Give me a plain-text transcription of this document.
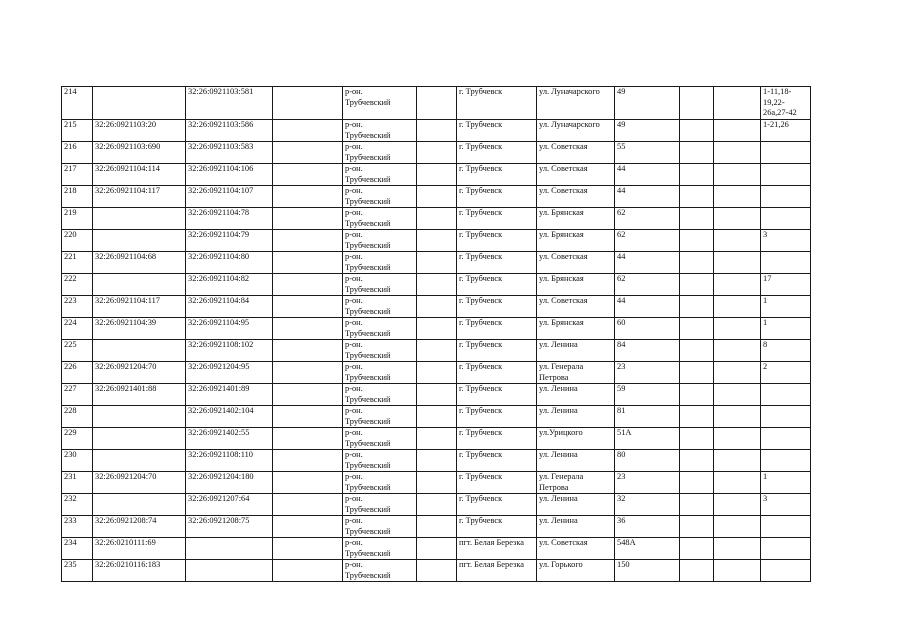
214		32:26:0921103:581		р-он.
Трубчевский		г. Трубчевск	ул. Луначарского	49			1-11,18-
19,22-
26а,27-42
215	32:26:0921103:20	32:26:0921103:586		р-он.
Трубчевский		г. Трубчевск	ул. Луначарского	49			1-21,26
216	32:26:0921103:690	32:26:0921103:583		р-он.
Трубчевский		г. Трубчевск	ул. Советская	55			
217	32:26:0921104:114	32:26:0921104:106		р-он.
Трубчевский		г. Трубчевск	ул. Советская	44			
218	32:26:0921104:117	32:26:0921104:107		р-он.
Трубчевский		г. Трубчевск	ул. Советская	44			
219		32:26:0921104:78		р-он.
Трубчевский		г. Трубчевск	ул. Брянская	62			
220		32:26:0921104:79		р-он.
Трубчевский		г. Трубчевск	ул. Брянская	62			3
221	32:26:0921104:68	32:26:0921104:80		р-он.
Трубчевский		г. Трубчевск	ул. Советская	44			
222		32:26:0921104:82		р-он.
Трубчевский		г. Трубчевск	ул. Брянская	62			17
223	32:26:0921104:117	32:26:0921104:84		р-он.
Трубчевский		г. Трубчевск	ул. Советская	44			1
224	32:26:0921104:39	32:26:0921104:95		р-он.
Трубчевский		г. Трубчевск	ул. Брянская	60			1
225		32:26:0921108:102		р-он.
Трубчевский		г. Трубчевск	ул. Ленина	84			8
226	32:26:0921204:70	32:26:0921204:95		р-он.
Трубчевский		г. Трубчевск	ул. Генерала
Петрова	23			2
227	32:26:0921401:88	32:26:0921401:89		р-он.
Трубчевский		г. Трубчевск	ул. Ленина	59			
228		32:26:0921402:104		р-он.
Трубчевский		г. Трубчевск	ул. Ленина	81			
229		32:26:0921402:55		р-он.
Трубчевский		г. Трубчевск	ул.Урицкого	51А			
230		32:26:0921108:110		р-он.
Трубчевский		г. Трубчевск	ул. Ленина	80			
231	32:26:0921204:70	32:26:0921204:180		р-он.
Трубчевский		г. Трубчевск	ул. Генерала
Петрова	23			1
232		32:26:0921207:64		р-он.
Трубчевский		г. Трубчевск	ул. Ленина	32			3
233	32:26:0921208:74	32:26:0921208:75		р-он.
Трубчевский		г. Трубчевск	ул. Ленина	36			
234	32:26:0210111:69			р-он.
Трубчевский		пгт. Белая Березка	ул. Советская	548А			
235	32:26:0210116:183			р-он.
Трубчевский		пгт. Белая Березка	ул. Горького	150			
